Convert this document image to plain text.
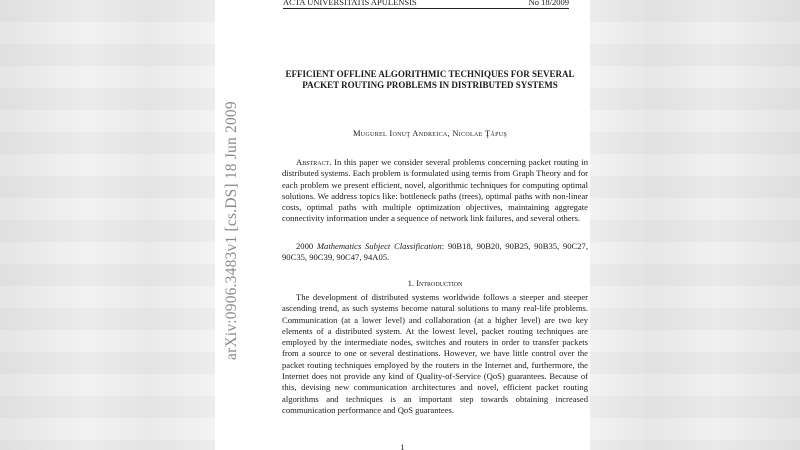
ACTA UNIVERSITATIS APULENSIS	No 18/2009
EFFICIENT OFFLINE ALGORITHMIC TECHNIQUES FOR SEVERAL PACKET ROUTING PROBLEMS IN DISTRIBUTED SYSTEMS
Mugurel Ionuţ Andreica, Nicolae Ţăpuş

Abstract. In this paper we consider several problems concerning packet routing in distributed systems. Each problem is formulated using terms from Graph Theory and for each problem we present efficient, novel, algorithmic techniques for computing optimal solutions. We address topics like: bottleneck paths (trees), optimal paths with non-linear costs, optimal paths with multiple optimization objectives, maintaining aggregate connectivity information under a sequence of network link failures, and several others.

2000 Mathematics Subject Classification: 90B18, 90B20, 90B25, 90B35, 90C27, 90C35, 90C39, 90C47, 94A05.

1. Introduction

The development of distributed systems worldwide follows a steeper and steeper ascending trend, as such systems become natural solutions to many real-life problems. Communication (at a lower level) and collaboration (at a higher level) are two key elements of a distributed system. At the lowest level, packet routing techniques are employed by the intermediate nodes, switches and routers in order to transfer packets from a source to one or several destinations. However, we have little control over the packet routing techniques employed by the routers in the Internet and, furthermore, the Internet does not provide any kind of Quality-of-Service (QoS) guarantees. Because of this, devising new communication architectures and novel, efficient packet routing algorithms and techniques is an important step towards obtaining increased communication performance and QoS guarantees.

1
arXiv:0906.3483v1 [cs.DS] 18 Jun 2009
